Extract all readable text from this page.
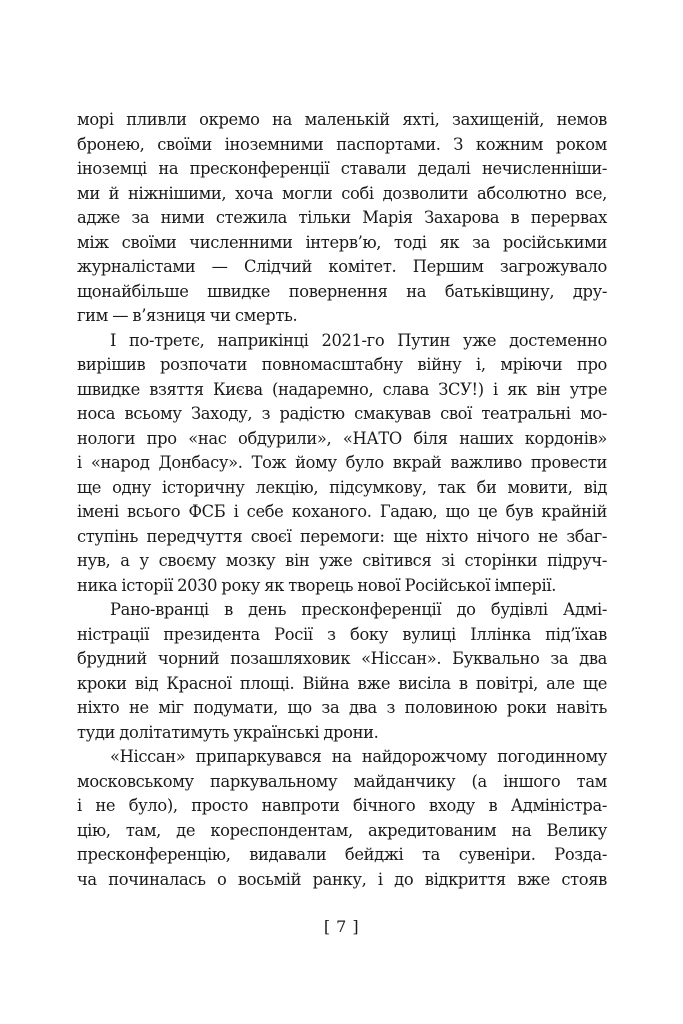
морі пливли окремо на маленькій яхті, захищеній, немов
бронею, своїми іноземними паспортами. З кожним роком
іноземці на пресконференції ставали дедалі нечисленніши-
ми й ніжнішими, хоча могли собі дозволити абсолютно все,
адже за ними стежила тільки Марія Захарова в перервах
між своїми численними інтерв’ю, тоді як за російськими
журналістами — Слідчий комітет. Першим загрожувало
щонайбільше швидке повернення на батьківщину, дру-
гим — в’язниця чи смерть.
І по-третє, наприкінці 2021-го Путин уже достеменно
вирішив розпочати повномасштабну війну і, мріючи про
швидке взяття Києва (надаремно, слава ЗСУ!) і як він утре
носа всьому Заходу, з радістю смакував свої театральні мо-
нологи про «нас обдурили», «НАТО біля наших кордонів»
і «народ Донбасу». Тож йому було вкрай важливо провести
ще одну історичну лекцію, підсумкову, так би мовити, від
імені всього ФСБ і себе коханого. Гадаю, що це був крайній
ступінь передчуття своєї перемоги: ще ніхто нічого не збаг-
нув, а у своєму мозку він уже світився зі сторінки підруч-
ника історії 2030 року як творець нової Російської імперії.
Рано-вранці в день пресконференції до будівлі Адмі-
ністрації президента Росії з боку вулиці Іллінка під’їхав
брудний чорний позашляховик «Ніссан». Буквально за два
кроки від Красної площі. Війна вже висіла в повітрі, але ще
ніхто не міг подумати, що за два з половиною роки навіть
туди долітатимуть українські дрони.
«Ніссан» припаркувався на найдорожчому погодинному
московському паркувальному майданчику (а іншого там
і не було), просто навпроти бічного входу в Адміністра-
цію, там, де кореспондентам, акредитованим на Велику
пресконференцію, видавали бейджі та сувеніри. Розда-
ча починалась о восьмій ранку, і до відкриття вже стояв
[ 7 ]
